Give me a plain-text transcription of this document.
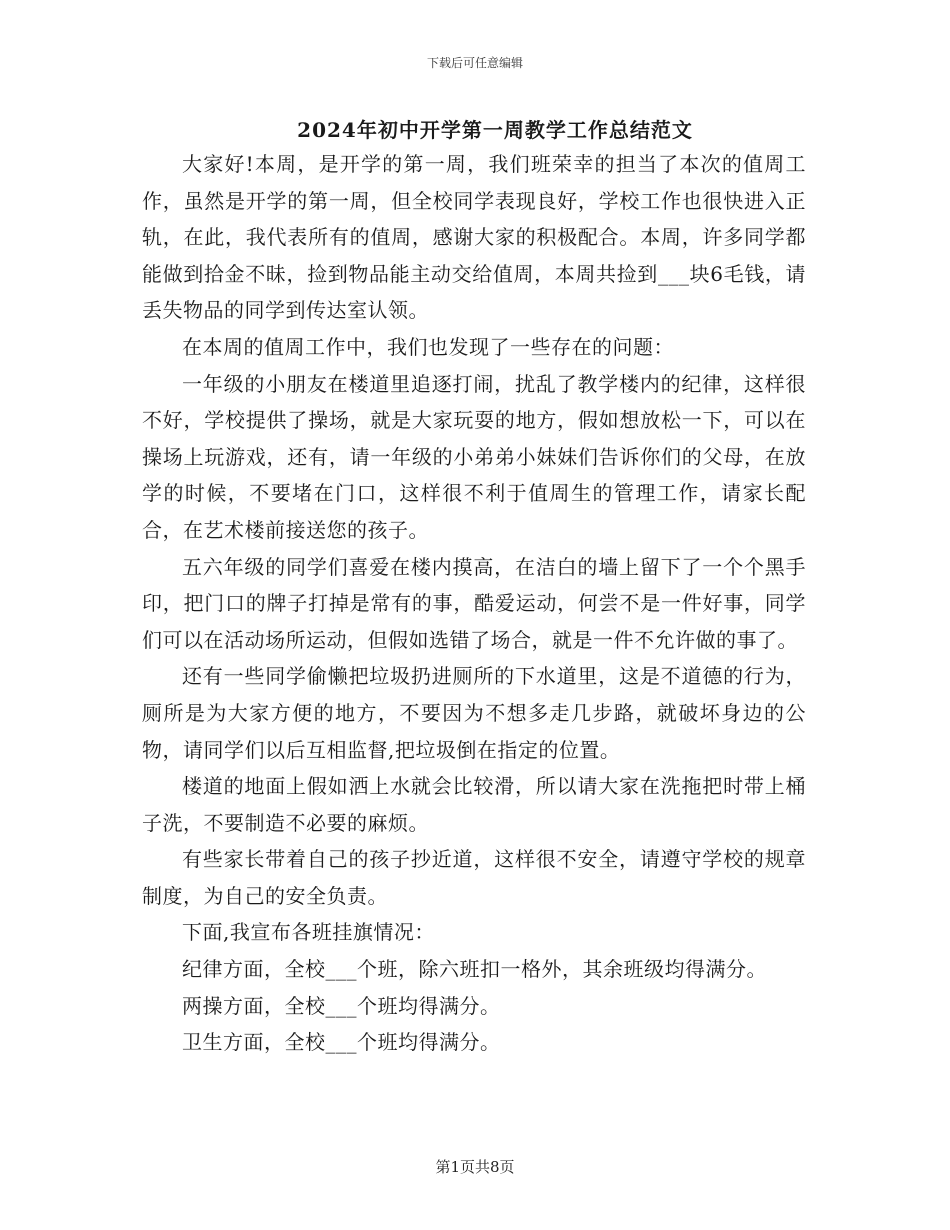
下载后可任意编辑
2024年初中开学第一周教学工作总结范文

大家好!本周，是开学的第一周，我们班荣幸的担当了本次的值周工作，虽然是开学的第一周，但全校同学表现良好，学校工作也很快进入正轨，在此，我代表所有的值周，感谢大家的积极配合。本周，许多同学都能做到拾金不昧，捡到物品能主动交给值周，本周共捡到___块6毛钱，请丢失物品的同学到传达室认领。

在本周的值周工作中，我们也发现了一些存在的问题：

一年级的小朋友在楼道里追逐打闹，扰乱了教学楼内的纪律，这样很不好，学校提供了操场，就是大家玩耍的地方，假如想放松一下，可以在操场上玩游戏，还有，请一年级的小弟弟小妹妹们告诉你们的父母，在放学的时候，不要堵在门口，这样很不利于值周生的管理工作，请家长配合，在艺术楼前接送您的孩子。

五六年级的同学们喜爱在楼内摸高，在洁白的墙上留下了一个个黑手印，把门口的牌子打掉是常有的事，酷爱运动，何尝不是一件好事，同学们可以在活动场所运动，但假如选错了场合，就是一件不允许做的事了。

还有一些同学偷懒把垃圾扔进厕所的下水道里，这是不道德的行为，厕所是为大家方便的地方，不要因为不想多走几步路，就破坏身边的公物，请同学们以后互相监督,把垃圾倒在指定的位置。

楼道的地面上假如洒上水就会比较滑，所以请大家在洗拖把时带上桶子洗，不要制造不必要的麻烦。

有些家长带着自己的孩子抄近道，这样很不安全，请遵守学校的规章制度，为自己的安全负责。

下面,我宣布各班挂旗情况：

纪律方面，全校___个班，除六班扣一格外，其余班级均得满分。

两操方面，全校___个班均得满分。

卫生方面，全校___个班均得满分。

第1页共8页
